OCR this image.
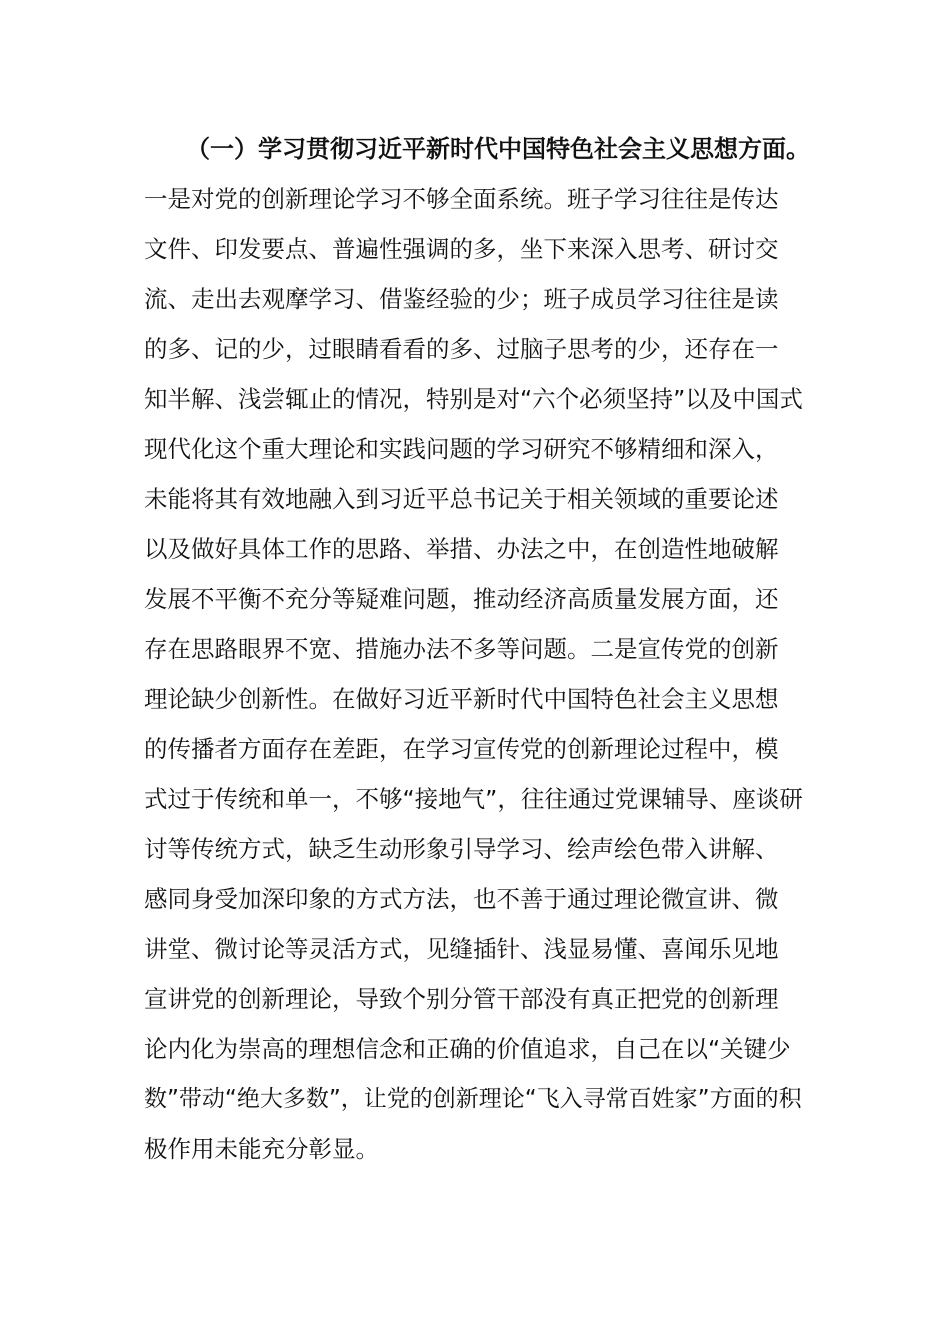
（一）学习贯彻习近平新时代中国特色社会主义思想方面。
一是对党的创新理论学习不够全面系统。班子学习往往是传达
文件、印发要点、普遍性强调的多，坐下来深入思考、研讨交
流、走出去观摩学习、借鉴经验的少；班子成员学习往往是读
的多、记的少，过眼睛看看的多、过脑子思考的少，还存在一
知半解、浅尝辄止的情况，特别是对“六个必须坚持”以及中国式
现代化这个重大理论和实践问题的学习研究不够精细和深入，
未能将其有效地融入到习近平总书记关于相关领域的重要论述
以及做好具体工作的思路、举措、办法之中，在创造性地破解
发展不平衡不充分等疑难问题，推动经济高质量发展方面，还
存在思路眼界不宽、措施办法不多等问题。二是宣传党的创新
理论缺少创新性。在做好习近平新时代中国特色社会主义思想
的传播者方面存在差距，在学习宣传党的创新理论过程中，模
式过于传统和单一，不够“接地气”，往往通过党课辅导、座谈研
讨等传统方式，缺乏生动形象引导学习、绘声绘色带入讲解、
感同身受加深印象的方式方法，也不善于通过理论微宣讲、微
讲堂、微讨论等灵活方式，见缝插针、浅显易懂、喜闻乐见地
宣讲党的创新理论，导致个别分管干部没有真正把党的创新理
论内化为崇高的理想信念和正确的价值追求，自己在以“关键少
数”带动“绝大多数”，让党的创新理论“飞入寻常百姓家”方面的积
极作用未能充分彰显。
